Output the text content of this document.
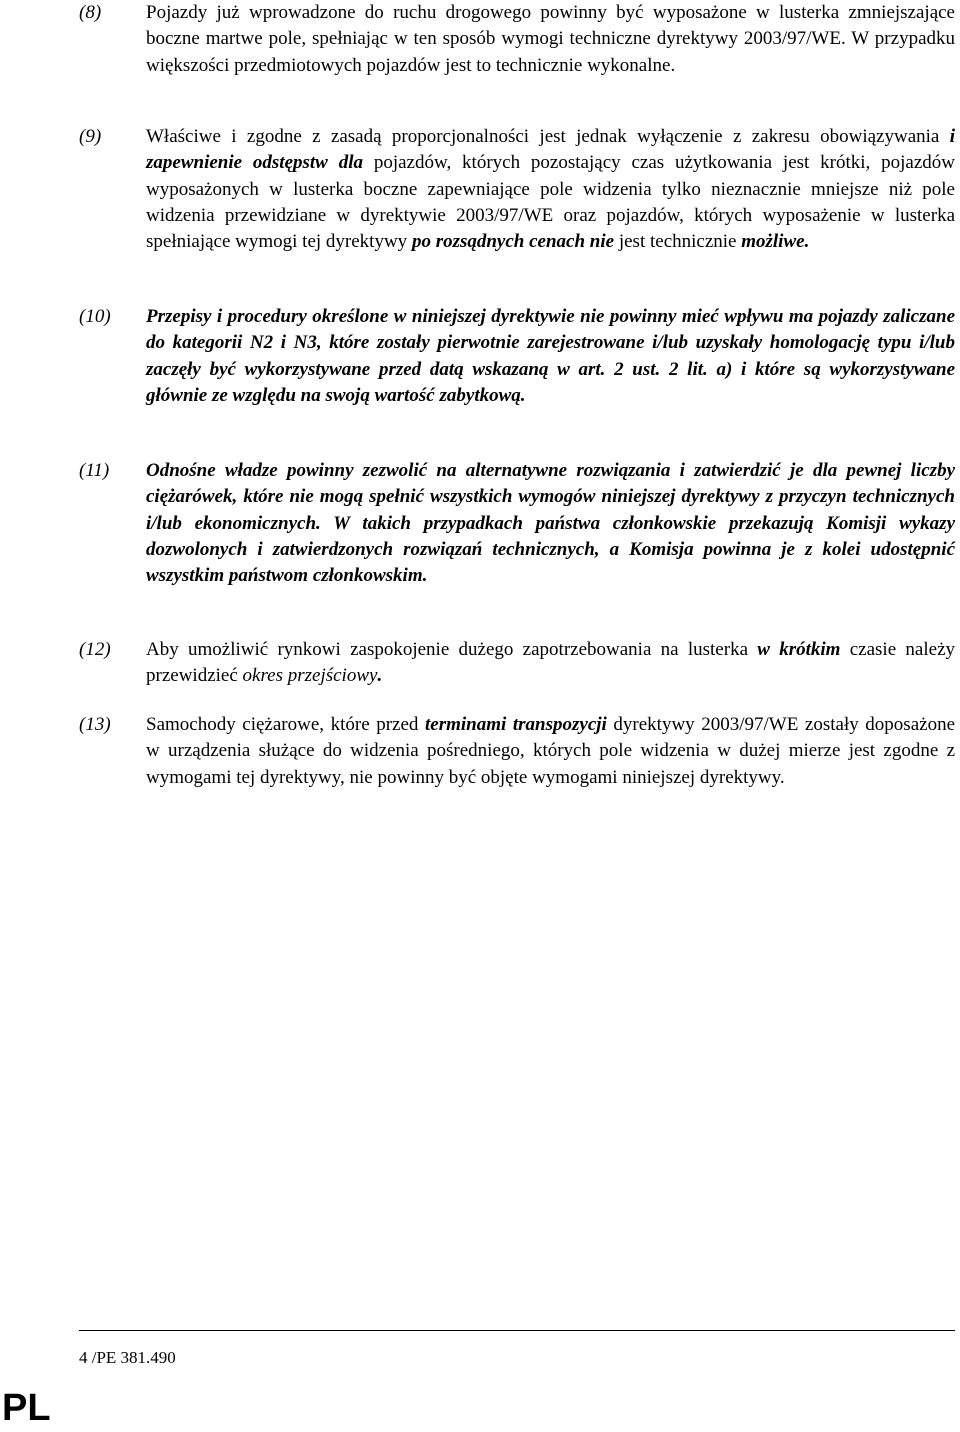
(8)	Pojazdy już wprowadzone do ruchu drogowego powinny być wyposażone w lusterka zmniejszające boczne martwe pole, spełniając w ten sposób wymogi techniczne dyrektywy 2003/97/WE. W przypadku większości przedmiotowych pojazdów jest to technicznie wykonalne.
(9)	Właściwe i zgodne z zasadą proporcjonalności jest jednak wyłączenie z zakresu obowiązywania i zapewnienie odstępstw dla pojazdów, których pozostający czas użytkowania jest krótki, pojazdów wyposażonych w lusterka boczne zapewniające pole widzenia tylko nieznacznie mniejsze niż pole widzenia przewidziane w dyrektywie 2003/97/WE oraz pojazdów, których wyposażenie w lusterka spełniające wymogi tej dyrektywy po rozsądnych cenach nie jest technicznie możliwe.
(10)	Przepisy i procedury określone w niniejszej dyrektywie nie powinny mieć wpływu ma pojazdy zaliczane do kategorii N2 i N3, które zostały pierwotnie zarejestrowane i/lub uzyskały homologację typu i/lub zaczęły być wykorzystywane przed datą wskazaną w art. 2 ust. 2 lit. a) i które są wykorzystywane głównie ze względu na swoją wartość zabytkową.
(11)	Odnośne władze powinny zezwolić na alternatywne rozwiązania i zatwierdzić je dla pewnej liczby ciężarówek, które nie mogą spełnić wszystkich wymogów niniejszej dyrektywy z przyczyn technicznych i/lub ekonomicznych. W takich przypadkach państwa członkowskie przekazują Komisji wykazy dozwolonych i zatwierdzonych rozwiązań technicznych, a Komisja powinna je z kolei udostępnić wszystkim państwom członkowskim.
(12)	Aby umożliwić rynkowi zaspokojenie dużego zapotrzebowania na lusterka w krótkim czasie należy przewidzieć okres przejściowy.
(13)	Samochody ciężarowe, które przed terminami transpozycji dyrektywy 2003/97/WE zostały doposażone w urządzenia służące do widzenia pośredniego, których pole widzenia w dużej mierze jest zgodne z wymogami tej dyrektywy, nie powinny być objęte wymogami niniejszej dyrektywy.
4 /PE 381.490
PL
